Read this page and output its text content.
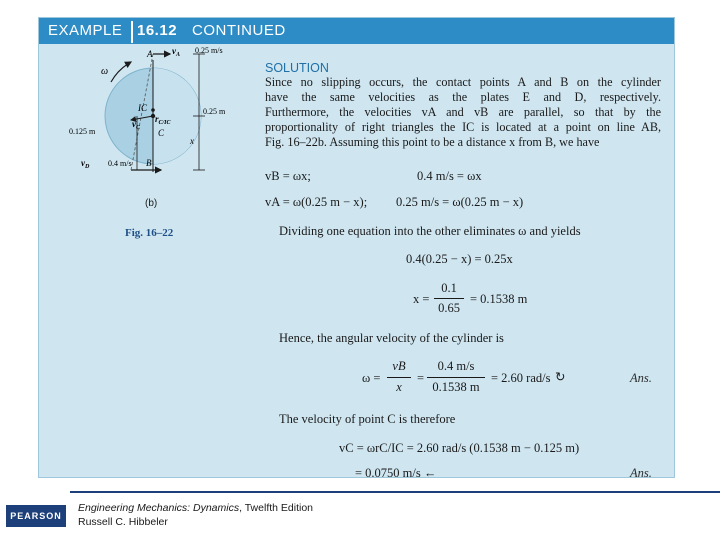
EXAMPLE 16.12 CONTINUED
A $v_A$ 0.25 m/s
ω
IC
$v_C$
$r_{C/IC}$
C
x
0.25 m
0.125 m
$v_D$ 0.4 m/s B
(b)
Fig. 16–22
SOLUTION
Since no slipping occurs, the contact points A and B on the cylinder
have the same velocities as the plates E and D, respectively.
Furthermore, the velocities vA and vB are parallel, so that by the
proportionality of right triangles the IC is located at a point on line AB,
Fig. 16–22b. Assuming this point to be a distance x from B, we have
vB = ωx;	0.4 m/s = ωx
vA = ω(0.25 m − x); 0.25 m/s = ω(0.25 m − x)
Dividing one equation into the other eliminates ω and yields
0.4(0.25 − x) = 0.25x
x =
0.1
0.65
= 0.1538 m
Hence, the angular velocity of the cylinder is
ω =
vB
x
=
0.4 m/s
0.1538 m
= 2.60 rad/s ↻	Ans.
The velocity of point C is therefore
vC = ωrC/IC = 2.60 rad/s (0.1538 m − 0.125 m)
= 0.0750 m/s ←	Ans.
PEARSON
Engineering Mechanics: Dynamics, Twelfth Edition
Russell C. Hibbeler
